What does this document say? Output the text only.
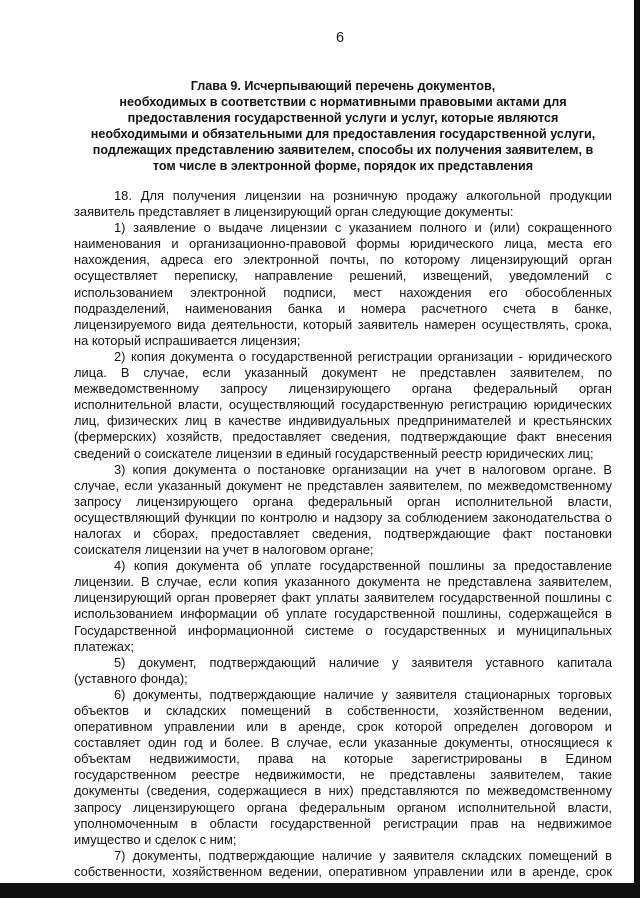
6
Глава 9. Исчерпывающий перечень документов,
необходимых в соответствии с нормативными правовыми актами для
предоставления государственной услуги и услуг, которые являются
необходимыми и обязательными для предоставления государственной услуги,
подлежащих представлению заявителем, способы их получения заявителем, в
том числе в электронной форме, порядок их представления
18. Для получения лицензии на розничную продажу алкогольной продукции
заявитель представляет в лицензирующий орган следующие документы:
1) заявление о выдаче лицензии с указанием полного и (или) сокращенного
наименования и организационно-правовой формы юридического лица, места его
нахождения, адреса его электронной почты, по которому лицензирующий орган
осуществляет переписку, направление решений, извещений, уведомлений с
использованием электронной подписи, мест нахождения его обособленных
подразделений, наименования банка и номера расчетного счета в банке,
лицензируемого вида деятельности, который заявитель намерен осуществлять, срока,
на который испрашивается лицензия;
2) копия документа о государственной регистрации организации - юридического
лица. В случае, если указанный документ не представлен заявителем, по
межведомственному запросу лицензирующего органа федеральный орган
исполнительной власти, осуществляющий государственную регистрацию юридических
лиц, физических лиц в качестве индивидуальных предпринимателей и крестьянских
(фермерских) хозяйств, предоставляет сведения, подтверждающие факт внесения
сведений о соискателе лицензии в единый государственный реестр юридических лиц;
3) копия документа о постановке организации на учет в налоговом органе. В
случае, если указанный документ не представлен заявителем, по межведомственному
запросу лицензирующего органа федеральный орган исполнительной власти,
осуществляющий функции по контролю и надзору за соблюдением законодательства о
налогах и сборах, предоставляет сведения, подтверждающие факт постановки
соискателя лицензии на учет в налоговом органе;
4) копия документа об уплате государственной пошлины за предоставление
лицензии. В случае, если копия указанного документа не представлена заявителем,
лицензирующий орган проверяет факт уплаты заявителем государственной пошлины с
использованием информации об уплате государственной пошлины, содержащейся в
Государственной информационной системе о государственных и муниципальных
платежах;
5) документ, подтверждающий наличие у заявителя уставного капитала
(уставного фонда);
6) документы, подтверждающие наличие у заявителя стационарных торговых
объектов и складских помещений в собственности, хозяйственном ведении,
оперативном управлении или в аренде, срок которой определен договором и
составляет один год и более. В случае, если указанные документы, относящиеся к
объектам недвижимости, права на которые зарегистрированы в Едином
государственном реестре недвижимости, не представлены заявителем, такие
документы (сведения, содержащиеся в них) представляются по межведомственному
запросу лицензирующего органа федеральным органом исполнительной власти,
уполномоченным в области государственной регистрации прав на недвижимое
имущество и сделок с ним;
7) документы, подтверждающие наличие у заявителя складских помещений в
собственности, хозяйственном ведении, оперативном управлении или в аренде, срок
